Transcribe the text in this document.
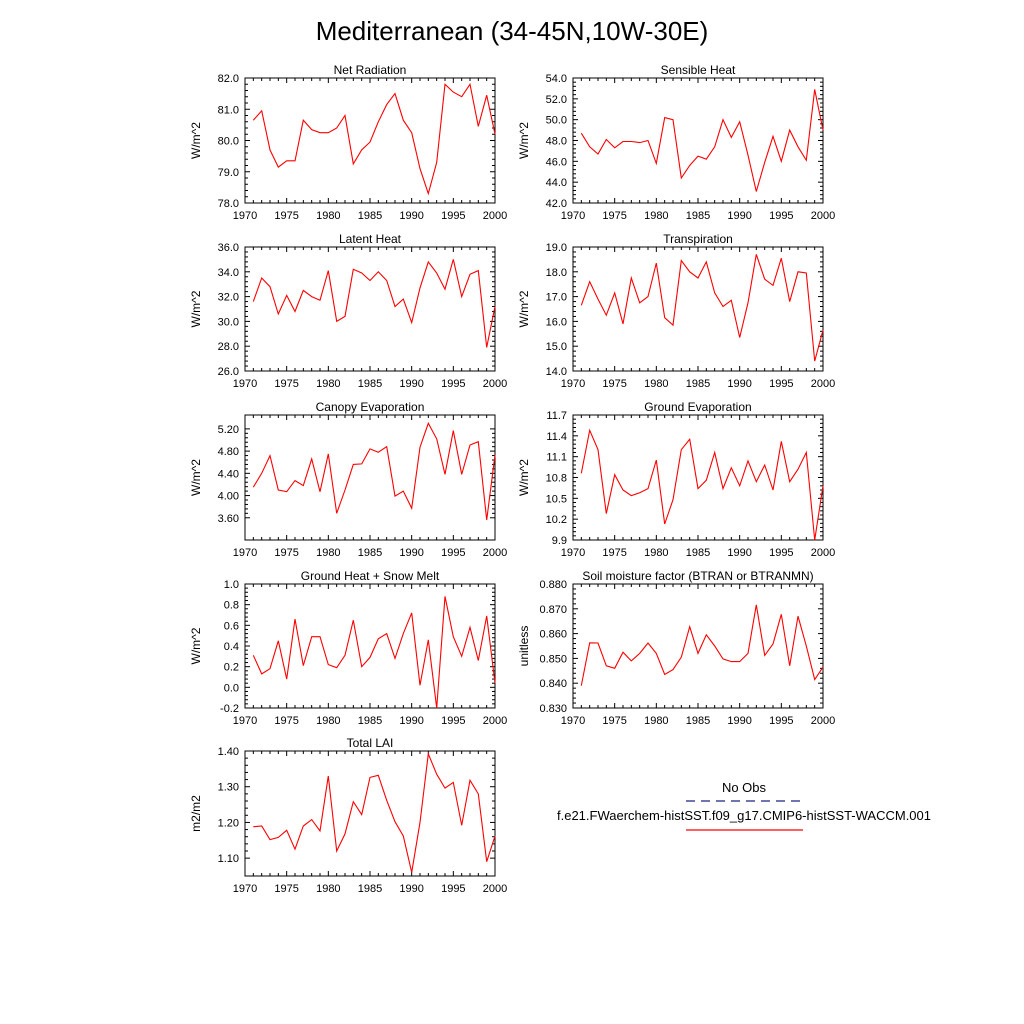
Mediterranean (34-45N,10W-30E)
Net Radiation
W/m^2
1970 1975 1980 1985 1990 1995 2000
78.0
79.0
80.0
81.0
82.0
Sensible Heat
W/m^2
1970 1975 1980 1985 1990 1995 2000
42.0
44.0
46.0
48.0
50.0
52.0
54.0
Latent Heat
W/m^2
1970 1975 1980 1985 1990 1995 2000
26.0
28.0
30.0
32.0
34.0
36.0
Transpiration
W/m^2
1970 1975 1980 1985 1990 1995 2000
14.0
15.0
16.0
17.0
18.0
19.0
Canopy Evaporation
W/m^2
1970 1975 1980 1985 1990 1995 2000
3.60
4.00
4.40
4.80
5.20
Ground Evaporation
W/m^2
1970 1975 1980 1985 1990 1995 2000
9.9
10.2
10.5
10.8
11.1
11.4
11.7
Ground Heat + Snow Melt
W/m^2
1970 1975 1980 1985 1990 1995 2000
-0.2
0.0
0.2
0.4
0.6
0.8
1.0
Soil moisture factor (BTRAN or BTRANMN)
unitless
1970 1975 1980 1985 1990 1995 2000
0.830
0.840
0.850
0.860
0.870
0.880
Total LAI
m2/m2
1970 1975 1980 1985 1990 1995 2000
1.10
1.20
1.30
1.40
No Obs
f.e21.FWaerchem-histSST.f09_g17.CMIP6-histSST-WACCM.001
